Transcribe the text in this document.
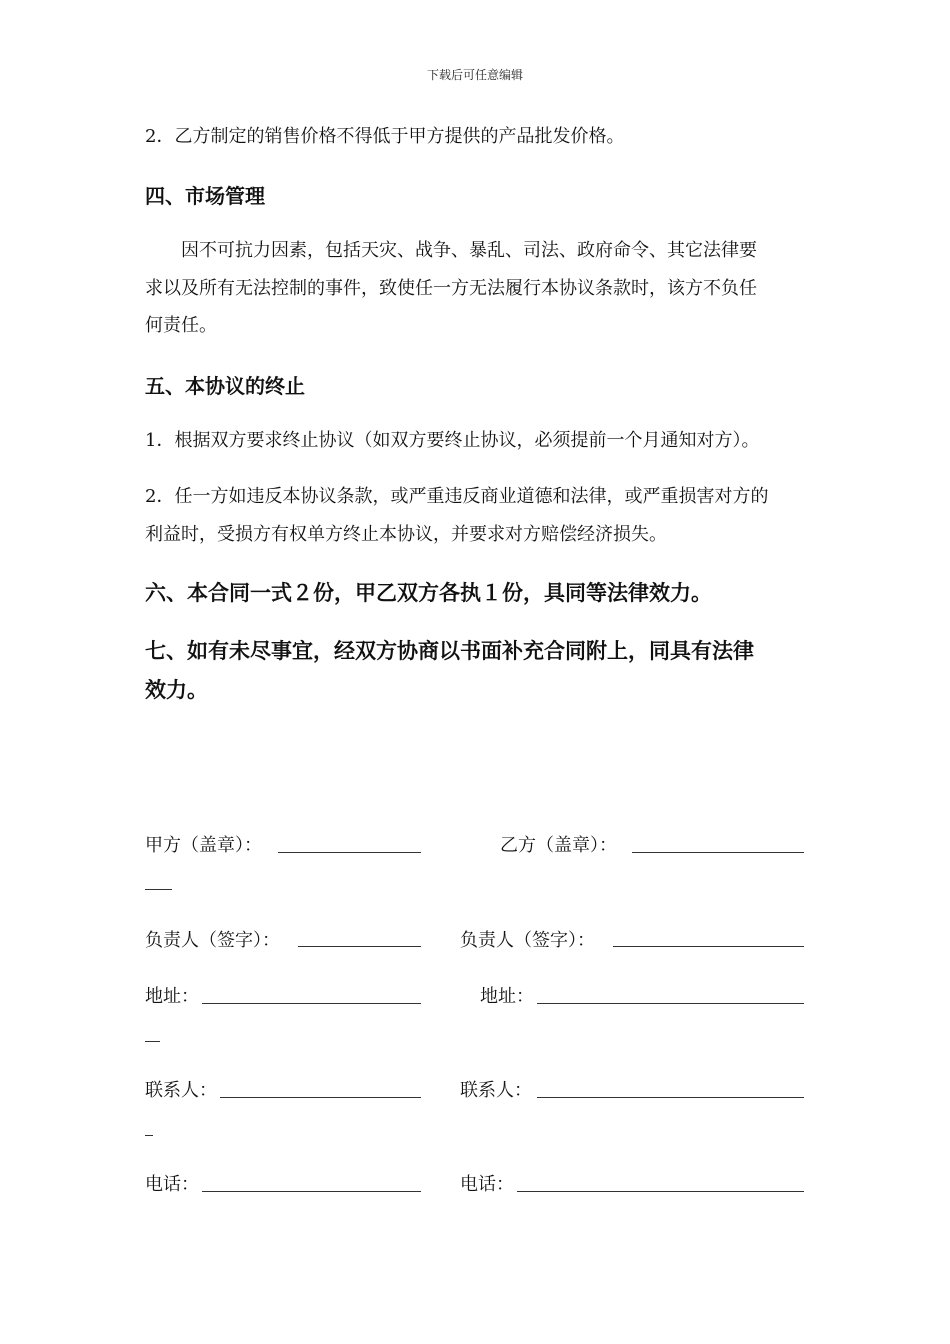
下载后可任意编辑
2．乙方制定的销售价格不得低于甲方提供的产品批发价格。
四、市场管理
因不可抗力因素，包括天灾、战争、暴乱、司法、政府命令、其它法律要
求以及所有无法控制的事件，致使任一方无法履行本协议条款时，该方不负任
何责任。
五、本协议的终止
1．根据双方要求终止协议（如双方要终止协议，必须提前一个月通知对方）。
2．任一方如违反本协议条款，或严重违反商业道德和法律，或严重损害对方的
利益时，受损方有权单方终止本协议，并要求对方赔偿经济损失。
六、本合同一式２份，甲乙双方各执１份，具同等法律效力。
七、如有未尽事宜，经双方协商以书面补充合同附上，同具有法律
效力。
甲方（盖章）：	乙方（盖章）：
负责人（签字）：	负责人（签字）：
地址：	地址：
联系人：	联系人：
电话：	电话：
